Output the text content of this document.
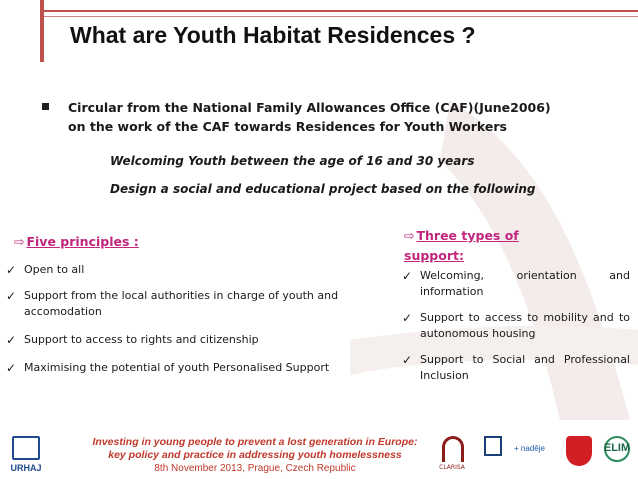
What are Youth Habitat Residences ?
Circular from the National Family Allowances Office (CAF)(June2006)
on the work of the CAF towards Residences for Youth Workers
Welcoming Youth between the age of 16 and 30 years
Design a social and educational project based on the following
⇨ Five principles :
✓ Open to all
✓ Support from the local authorities in charge of youth and accomodation
✓ Support to access to rights and citizenship
✓ Maximising the potential of youth Personalised Support
⇨ Three types of support:
✓ Welcoming, orientation and information
✓ Support to access to mobility and to autonomous housing
✓ Support to Social and Professional Inclusion
Investing in young people to prevent a lost generation in Europe:
key policy and practice in addressing youth homelessness
8th November 2013, Prague, Czech Republic
URHAJ	CLARISA
+ naděje	ELIM
